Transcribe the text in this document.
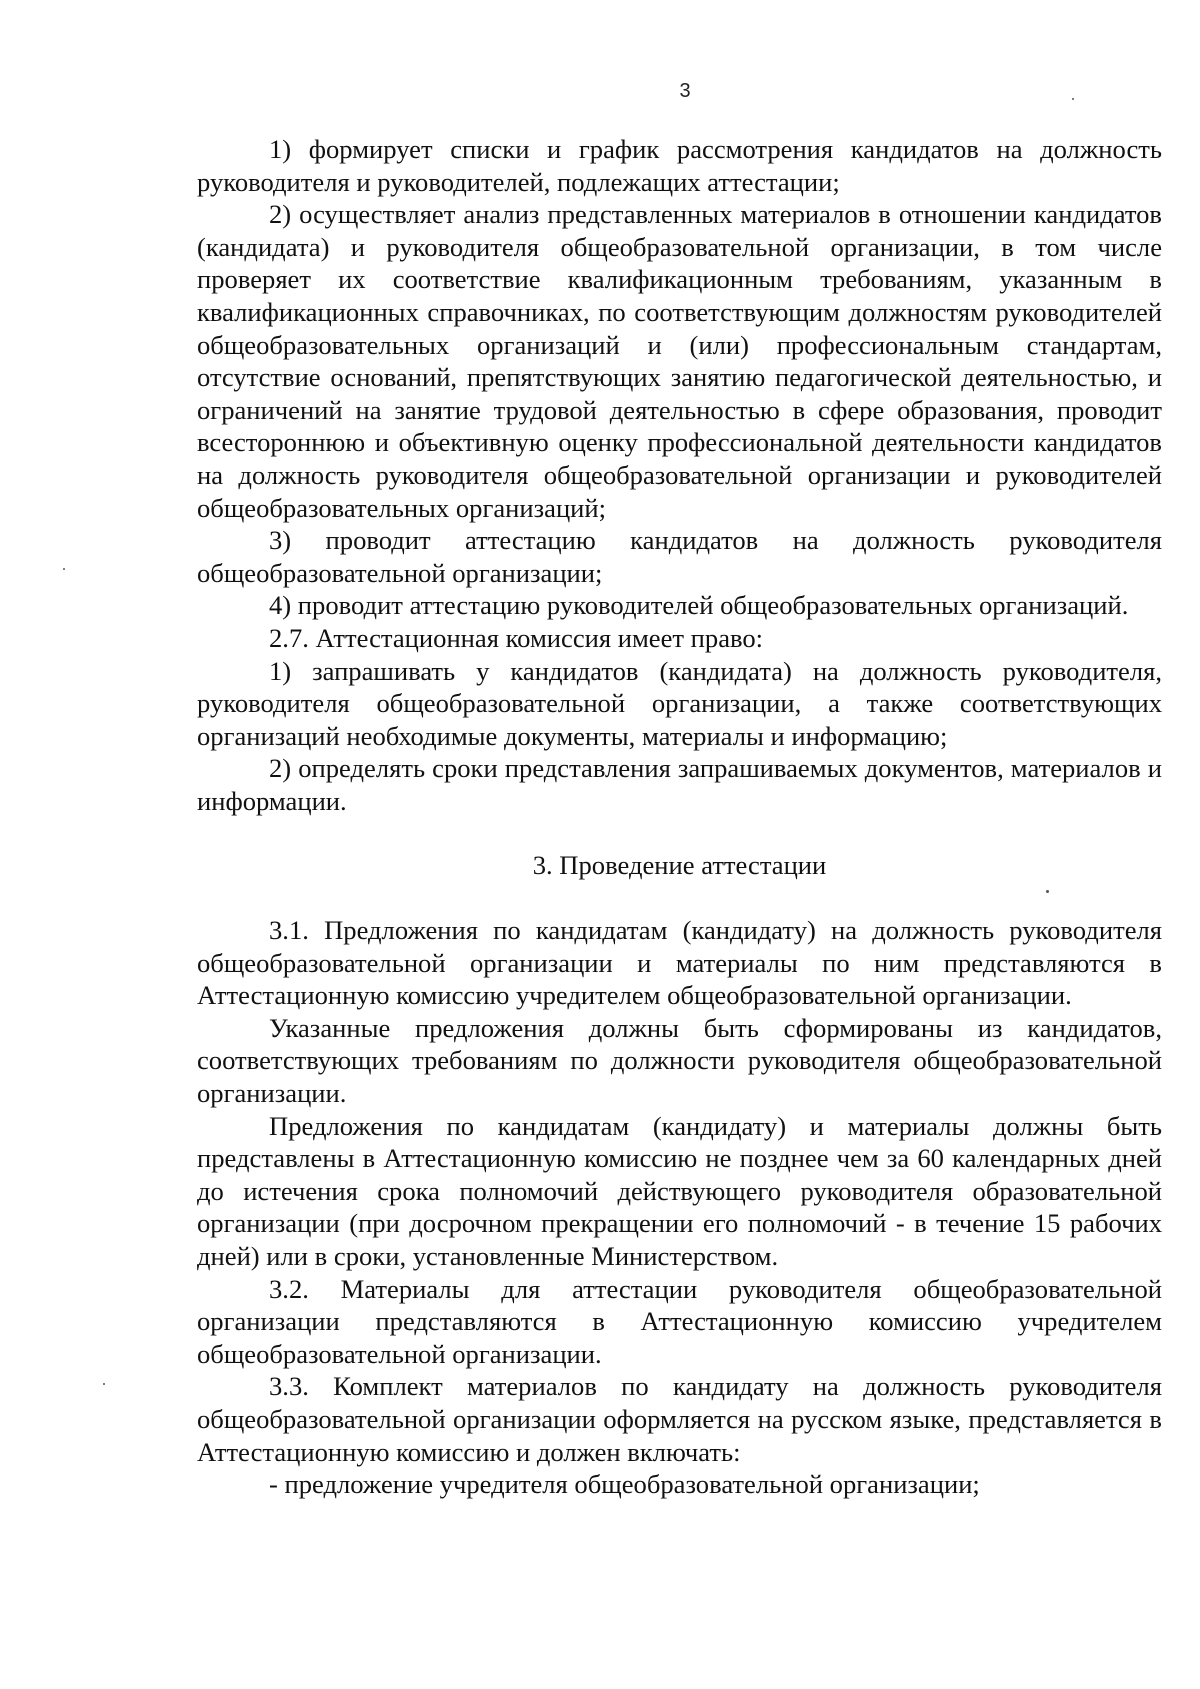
3

1) формирует списки и график рассмотрения кандидатов на должность руководителя и руководителей, подлежащих аттестации;

2) осуществляет анализ представленных материалов в отношении кандидатов (кандидата) и руководителя общеобразовательной организации, в том числе проверяет их соответствие квалификационным требованиям, указанным в квалификационных справочниках, по соответствующим должностям руководителей общеобразовательных организаций и (или) профессиональным стандартам, отсутствие оснований, препятствующих занятию педагогической деятельностью, и ограничений на занятие трудовой деятельностью в сфере образования, проводит всестороннюю и объективную оценку профессиональной деятельности кандидатов на должность руководителя общеобразовательной организации и руководителей общеобразовательных организаций;

3) проводит аттестацию кандидатов на должность руководителя общеобразовательной организации;

4) проводит аттестацию руководителей общеобразовательных организаций.

2.7. Аттестационная комиссия имеет право:

1) запрашивать у кандидатов (кандидата) на должность руководителя, руководителя общеобразовательной организации, а также соответствующих организаций необходимые документы, материалы и информацию;

2) определять сроки представления запрашиваемых документов, материалов и информации.

3. Проведение аттестации

3.1. Предложения по кандидатам (кандидату) на должность руководителя общеобразовательной организации и материалы по ним представляются в Аттестационную комиссию учредителем общеобразовательной организации.

Указанные предложения должны быть сформированы из кандидатов, соответствующих требованиям по должности руководителя общеобразовательной организации.

Предложения по кандидатам (кандидату) и материалы должны быть представлены в Аттестационную комиссию не позднее чем за 60 календарных дней до истечения срока полномочий действующего руководителя образовательной организации (при досрочном прекращении его полномочий - в течение 15 рабочих дней) или в сроки, установленные Министерством.

3.2. Материалы для аттестации руководителя общеобразовательной организации представляются в Аттестационную комиссию учредителем общеобразовательной организации.

3.3. Комплект материалов по кандидату на должность руководителя общеобразовательной организации оформляется на русском языке, представляется в Аттестационную комиссию и должен включать:

- предложение учредителя общеобразовательной организации;
